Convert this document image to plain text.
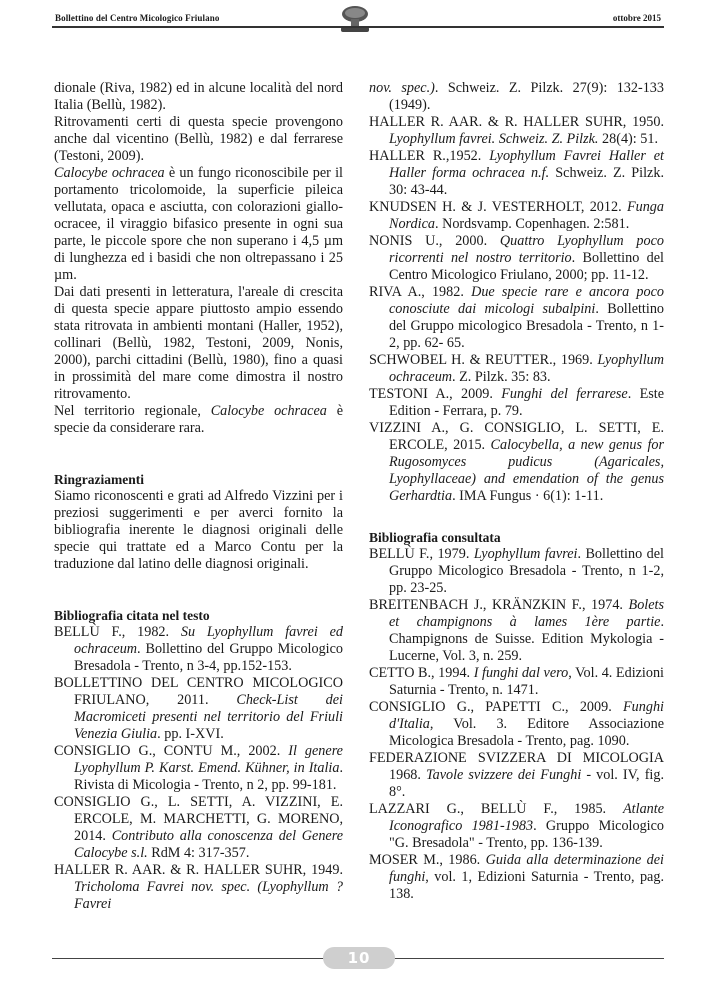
Bollettino del Centro Micologico Friulano	ottobre 2015

dionale (Riva, 1982) ed in alcune località del nord Italia (Bellù, 1982).

Ritrovamenti certi di questa specie provengono anche dal vicentino (Bellù, 1982) e dal ferrarese (Testoni, 2009).

Calocybe ochracea è un fungo riconoscibile per il portamento tricolomoide, la superficie pileica vellutata, opaca e asciutta, con colorazioni giallo-ocracee, il viraggio bifasico presente in ogni sua parte, le piccole spore che non superano i 4,5 µm di lunghezza ed i basidi che non oltrepassano i 25 µm.

Dai dati presenti in letteratura, l'areale di crescita di questa specie appare piuttosto ampio essendo stata ritrovata in ambienti montani (Haller, 1952), collinari (Bellù, 1982, Testoni, 2009, Nonis, 2000), parchi cittadini (Bellù, 1980), fino a quasi in prossimità del mare come dimostra il nostro ritrovamento.

Nel territorio regionale, Calocybe ochracea è specie da considerare rara.

Ringraziamenti

Siamo riconoscenti e grati ad Alfredo Vizzini per i preziosi suggerimenti e per averci fornito la bibliografia inerente le diagnosi originali delle specie qui trattate ed a Marco Contu per la traduzione dal latino delle diagnosi originali.

Bibliografia citata nel testo

BELLÙ F., 1982. Su Lyophyllum favrei ed ochraceum. Bollettino del Gruppo Micologico Bresadola - Trento, n 3-4, pp.152-153.

BOLLETTINO DEL CENTRO MICOLOGICO FRIULANO, 2011. Check-List dei Macromiceti presenti nel territorio del Friuli Venezia Giulia. pp. I-XVI.

CONSIGLIO G., CONTU M., 2002. Il genere Lyophyllum P. Karst. Emend. Kühner, in Italia. Rivista di Micologia - Trento, n 2, pp. 99-181.

CONSIGLIO G., L. SETTI, A. VIZZINI, E. ERCOLE, M. MARCHETTI, G. MORENO, 2014. Contributo alla conoscenza del Genere Calocybe s.l. RdM 4: 317-357.

HALLER R. AAR. & R. HALLER SUHR, 1949. Tricholoma Favrei nov. spec. (Lyophyllum ? Favrei

nov. spec.). Schweiz. Z. Pilzk. 27(9): 132-133 (1949).

HALLER R. AAR. & R. HALLER SUHR, 1950. Lyophyllum favrei. Schweiz. Z. Pilzk. 28(4): 51.

HALLER R.,1952. Lyophyllum Favrei Haller et Haller forma ochracea n.f. Schweiz. Z. Pilzk. 30: 43-44.

KNUDSEN H. & J. VESTERHOLT, 2012. Funga Nordica. Nordsvamp. Copenhagen. 2:581.

NONIS U., 2000. Quattro Lyophyllum poco ricorrenti nel nostro territorio. Bollettino del Centro Micologico Friulano, 2000; pp. 11-12.

RIVA A., 1982. Due specie rare e ancora poco conosciute dai micologi subalpini. Bollettino del Gruppo micologico Bresadola - Trento, n 1-2, pp. 62- 65.

SCHWOBEL H. & REUTTER., 1969. Lyophyllum ochraceum. Z. Pilzk. 35: 83.

TESTONI A., 2009. Funghi del ferrarese. Este Edition - Ferrara, p. 79.

VIZZINI A., G. CONSIGLIO, L. SETTI, E. ERCOLE, 2015. Calocybella, a new genus for Rugosomyces pudicus (Agaricales, Lyophyllaceae) and emendation of the genus Gerhardtia. IMA Fungus · 6(1): 1-11.

Bibliografia consultata

BELLÙ F., 1979. Lyophyllum favrei. Bollettino del Gruppo Micologico Bresadola - Trento, n 1-2, pp. 23-25.

BREITENBACH J., KRÄNZKIN F., 1974. Bolets et champignons à lames 1ère partie. Champignons de Suisse. Edition Mykologia - Lucerne, Vol. 3, n. 259.

CETTO B., 1994. I funghi dal vero, Vol. 4. Edizioni Saturnia - Trento, n. 1471.

CONSIGLIO G., PAPETTI C., 2009. Funghi d'Italia, Vol. 3. Editore Associazione Micologica Bresadola - Trento, pag. 1090.

FEDERAZIONE SVIZZERA DI MICOLOGIA 1968. Tavole svizzere dei Funghi - vol. IV, fig. 8°.

LAZZARI G., BELLÙ F., 1985. Atlante Iconografico 1981-1983. Gruppo Micologico "G. Bresadola" - Trento, pp. 136-139.

MOSER M., 1986. Guida alla determinazione dei funghi, vol. 1, Edizioni Saturnia - Trento, pag. 138.

10
